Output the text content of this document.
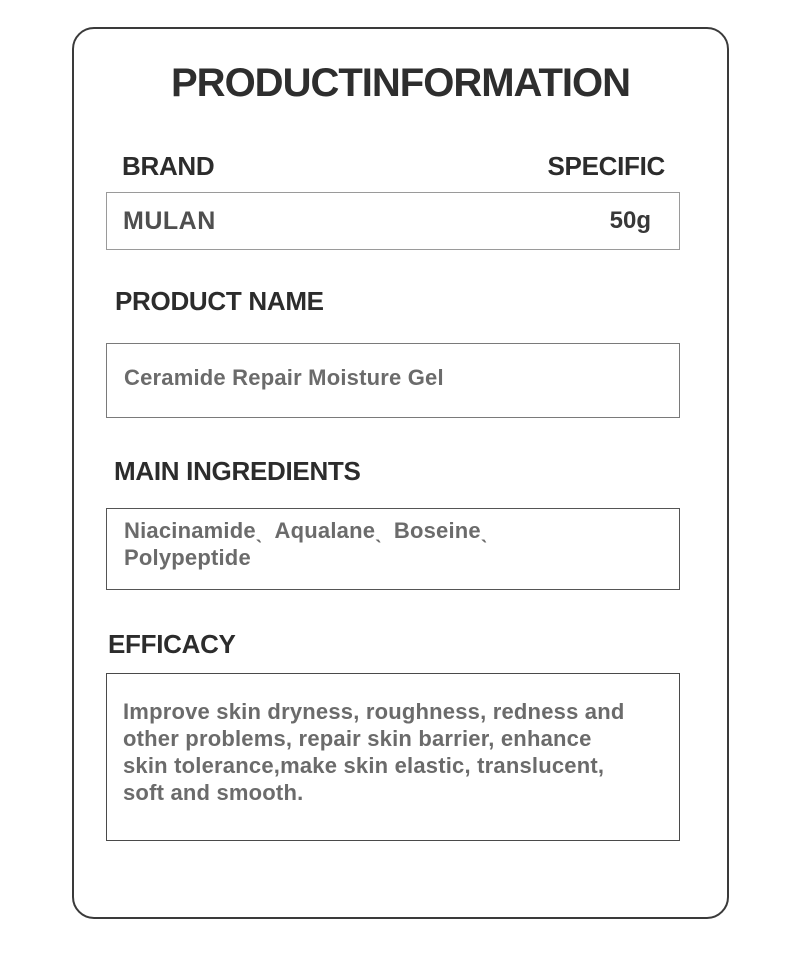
PRODUCTINFORMATION
BRAND	SPECIFIC
MULAN	50g
PRODUCT NAME

Ceramide Repair Moisture Gel

MAIN INGREDIENTS

Niacinamideˎ Aqualaneˎ Boseineˎ Polypeptide

EFFICACY

Improve skin dryness, roughness, redness and other problems, repair skin barrier, enhance skin tolerance,make skin elastic, translucent, soft and smooth.
